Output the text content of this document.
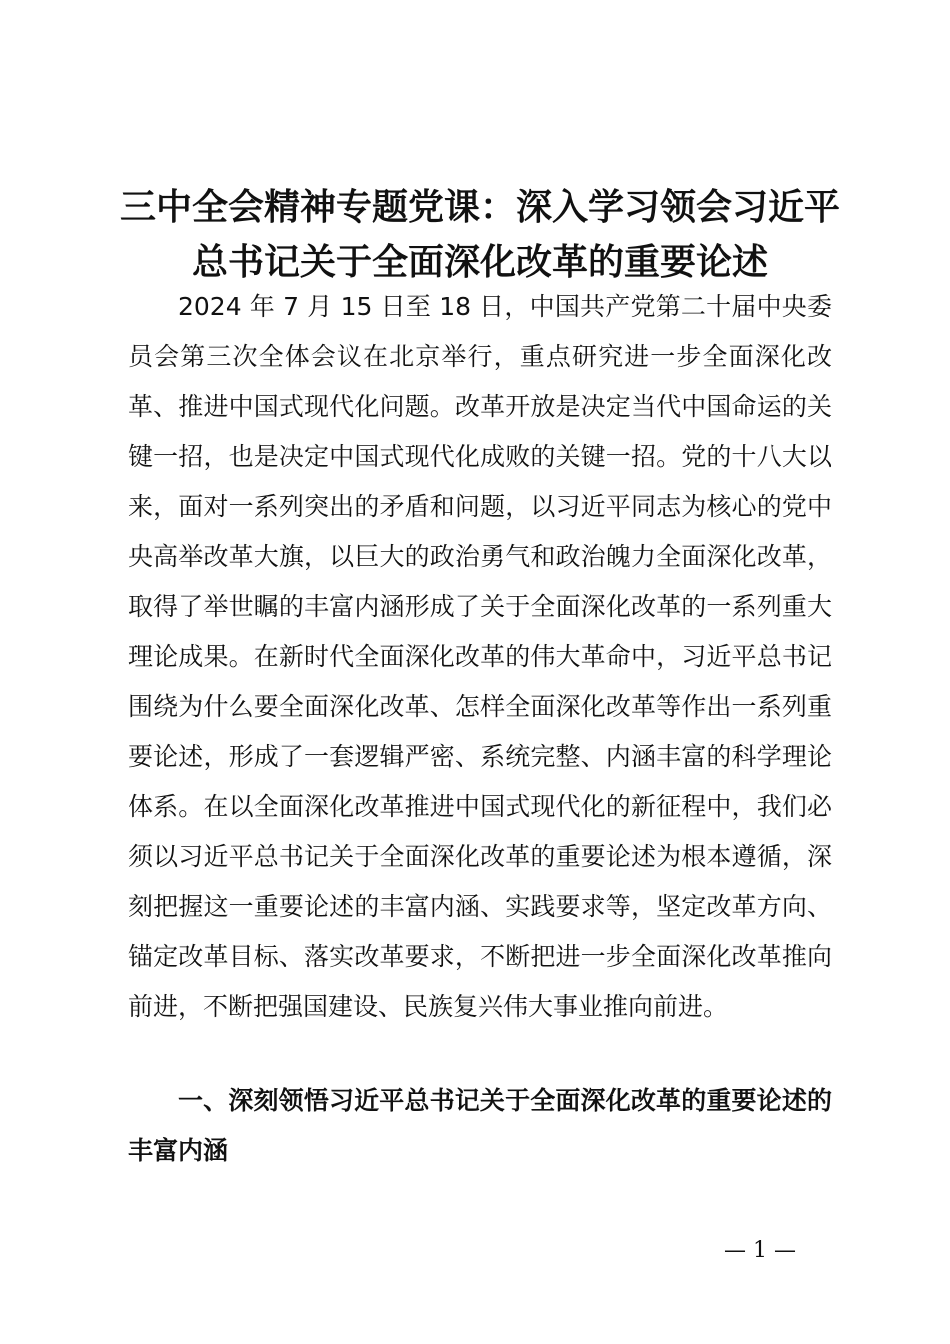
三中全会精神专题党课：深入学习领会习近平
总书记关于全面深化改革的重要论述

2024 年 7 月 15 日至 18 日，中国共产党第二十届中央委员会第三次全体会议在北京举行，重点研究进一步全面深化改革、推进中国式现代化问题。改革开放是决定当代中国命运的关键一招，也是决定中国式现代化成败的关键一招。党的十八大以来，面对一系列突出的矛盾和问题，以习近平同志为核心的党中央高举改革大旗，以巨大的政治勇气和政治魄力全面深化改革，取得了举世瞩的丰富内涵形成了关于全面深化改革的一系列重大理论成果。在新时代全面深化改革的伟大革命中，习近平总书记围绕为什么要全面深化改革、怎样全面深化改革等作出一系列重要论述，形成了一套逻辑严密、系统完整、内涵丰富的科学理论体系。在以全面深化改革推进中国式现代化的新征程中，我们必须以习近平总书记关于全面深化改革的重要论述为根本遵循，深刻把握这一重要论述的丰富内涵、实践要求等，坚定改革方向、锚定改革目标、落实改革要求，不断把进一步全面深化改革推向前进，不断把强国建设、民族复兴伟大事业推向前进。

一、深刻领悟习近平总书记关于全面深化改革的重要论述的丰富内涵

— 1 —
